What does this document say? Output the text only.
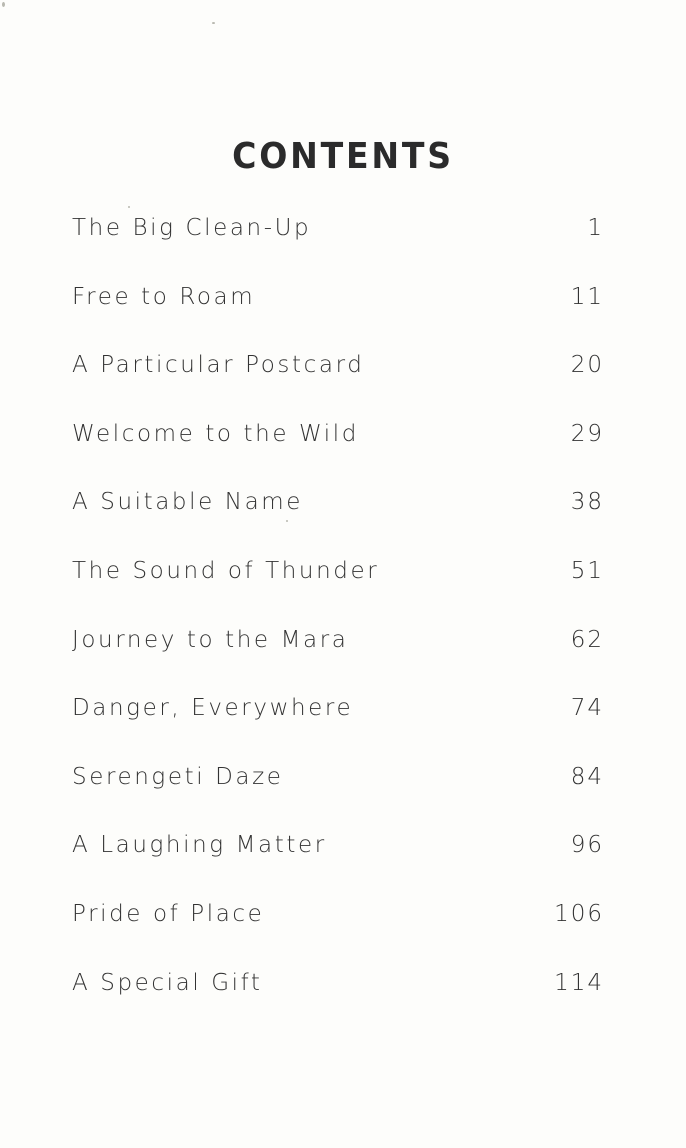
CONTENTS
The Big Clean-Up	1
Free to Roam	11
A Particular Postcard	20
Welcome to the Wild	29
A Suitable Name	38
The Sound of Thunder	51
Journey to the Mara	62
Danger, Everywhere	74
Serengeti Daze	84
A Laughing Matter	96
Pride of Place	106
A Special Gift	114
